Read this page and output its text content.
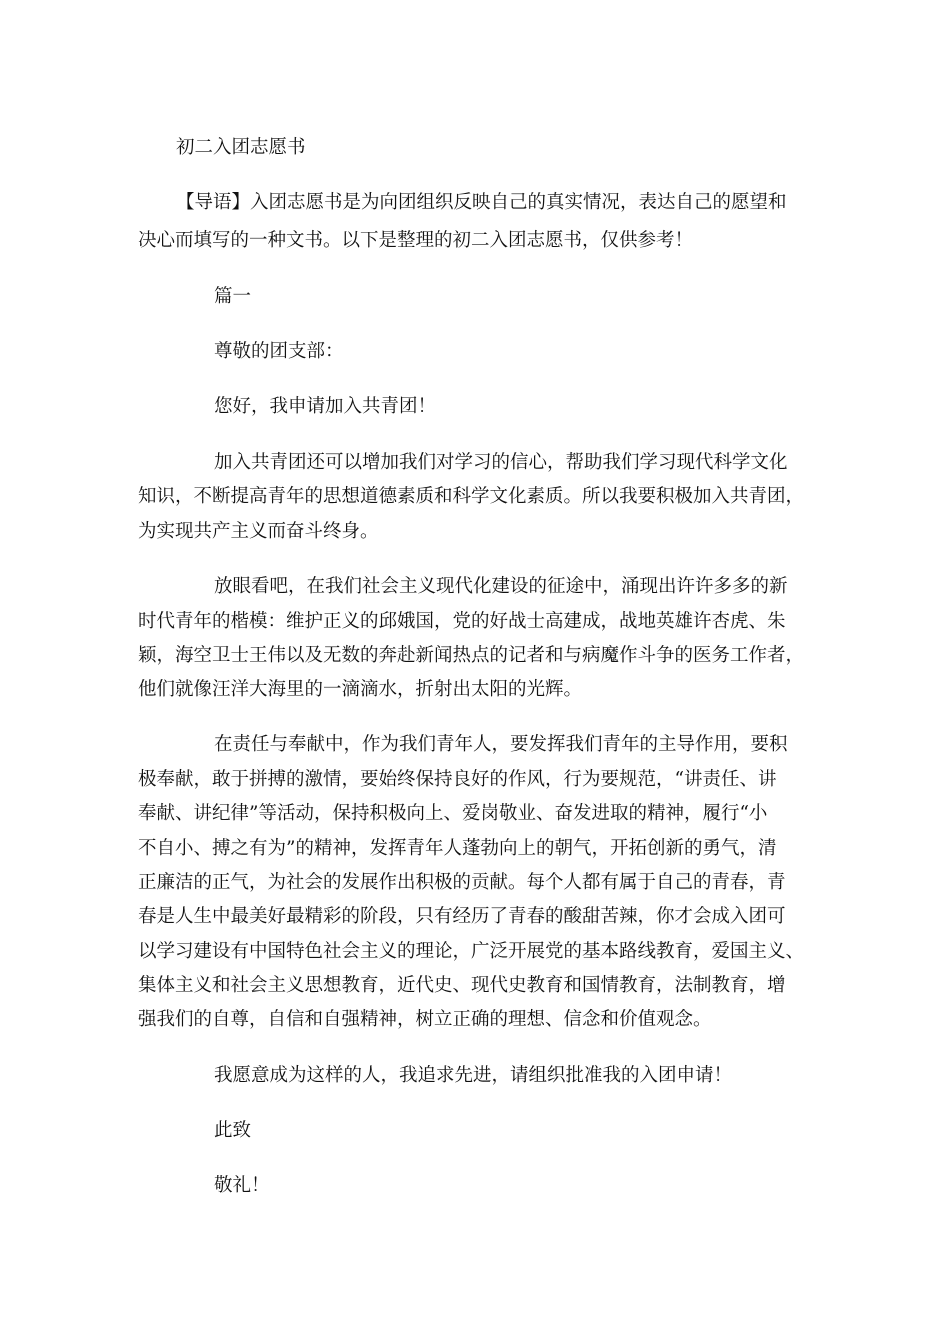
初二入团志愿书

【导语】入团志愿书是为向团组织反映自己的真实情况，表达自己的愿望和

决心而填写的一种文书。以下是整理的初二入团志愿书，仅供参考！

篇一

尊敬的团支部：

您好，我申请加入共青团！

加入共青团还可以增加我们对学习的信心，帮助我们学习现代科学文化

知识，不断提高青年的思想道德素质和科学文化素质。所以我要积极加入共青团，

为实现共产主义而奋斗终身。

放眼看吧，在我们社会主义现代化建设的征途中，涌现出许许多多的新

时代青年的楷模：维护正义的邱娥国，党的好战士高建成，战地英雄许杏虎、朱

颖，海空卫士王伟以及无数的奔赴新闻热点的记者和与病魔作斗争的医务工作者，

他们就像汪洋大海里的一滴滴水，折射出太阳的光辉。

在责任与奉献中，作为我们青年人，要发挥我们青年的主导作用，要积

极奉献，敢于拼搏的激情，要始终保持良好的作风，行为要规范，“讲责任、讲

奉献、讲纪律”等活动，保持积极向上、爱岗敬业、奋发进取的精神，履行“小

不自小、搏之有为”的精神，发挥青年人蓬勃向上的朝气，开拓创新的勇气，清

正廉洁的正气，为社会的发展作出积极的贡献。每个人都有属于自己的青春，青

春是人生中最美好最精彩的阶段，只有经历了青春的酸甜苦辣，你才会成入团可

以学习建设有中国特色社会主义的理论，广泛开展党的基本路线教育，爱国主义、

集体主义和社会主义思想教育，近代史、现代史教育和国情教育，法制教育，增

强我们的自尊，自信和自强精神，树立正确的理想、信念和价值观念。

我愿意成为这样的人，我追求先进，请组织批准我的入团申请！

此致

敬礼！
